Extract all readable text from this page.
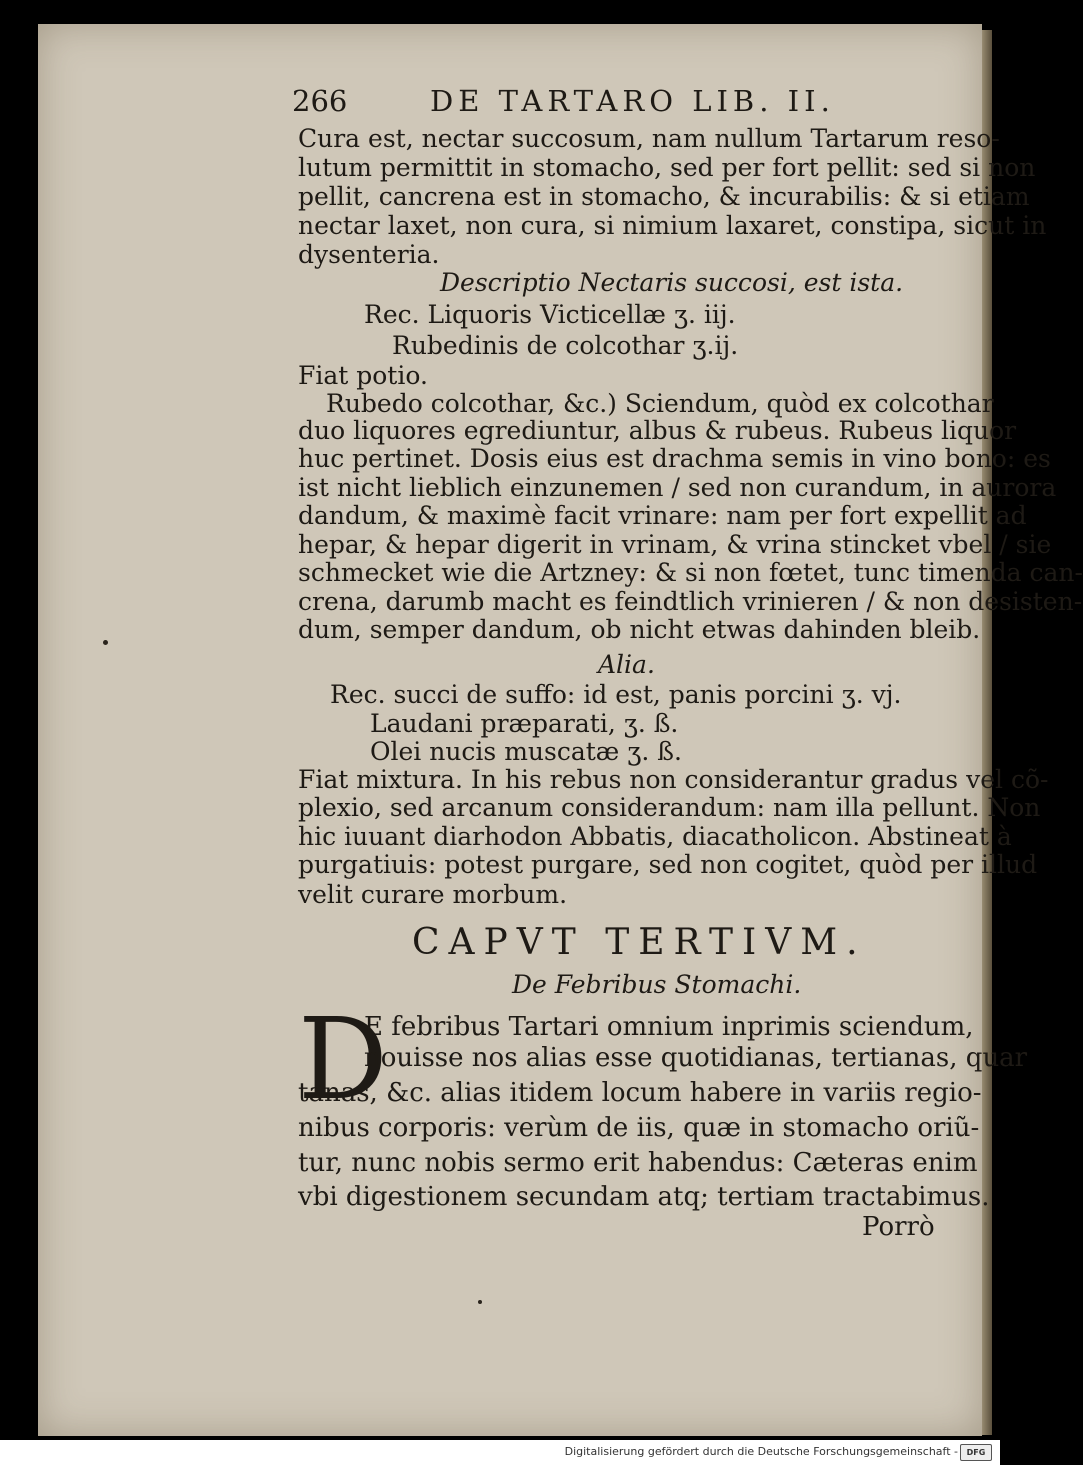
266	DE TARTARO LIB. II.
Cura est, nectar succosum, nam nullum Tartarum reso-
lutum permittit in stomacho, sed per fort pellit: sed si non
pellit, cancrena est in stomacho, & incurabilis: & si etiam
nectar laxet, non cura, si nimium laxaret, constipa, sicut in
dysenteria.
Descriptio Nectaris succosi, est ista.
Rec. Liquoris Victicellæ ʒ. iij.
Rubedinis de colcothar ʒ.ij.
Fiat potio.
Rubedo colcothar, &c.) Sciendum, quòd ex colcothar
duo liquores egrediuntur, albus & rubeus. Rubeus liquor
huc pertinet. Dosis eius est drachma semis in vino bono: es
ist nicht lieblich einzunemen / sed non curandum, in aurora
dandum, & maximè facit vrinare: nam per fort expellit ad
hepar, & hepar digerit in vrinam, & vrina stincket vbel / sie
schmecket wie die Artzney: & si non fœtet, tunc timenda can-
crena, darumb macht es feindtlich vrinieren / & non desisten-
dum, semper dandum, ob nicht etwas dahinden bleib.
Alia.
Rec. succi de suffo: id est, panis porcini ʒ. vj.
Laudani præparati, ʒ. ß.
Olei nucis muscatæ ʒ. ß.
Fiat mixtura. In his rebus non considerantur gradus vel cõ-
plexio, sed arcanum considerandum: nam illa pellunt. Non
hic iuuant diarhodon Abbatis, diacatholicon. Abstineat à
purgatiuis: potest purgare, sed non cogitet, quòd per illud
velit curare morbum.
CAPVT TERTIVM.
De Febribus Stomachi.
D
E febribus Tartari omnium inprimis sciendum,
nouisse nos alias esse quotidianas, tertianas, quar
tanas, &c. alias itidem locum habere in variis regio-
nibus corporis: verùm de iis, quæ in stomacho oriũ-
tur, nunc nobis sermo erit habendus: Cæteras enim
vbi digestionem secundam atq; tertiam tractabimus.
Porrò
Digitalisierung gefördert durch die Deutsche Forschungsgemeinschaft -	DFG
